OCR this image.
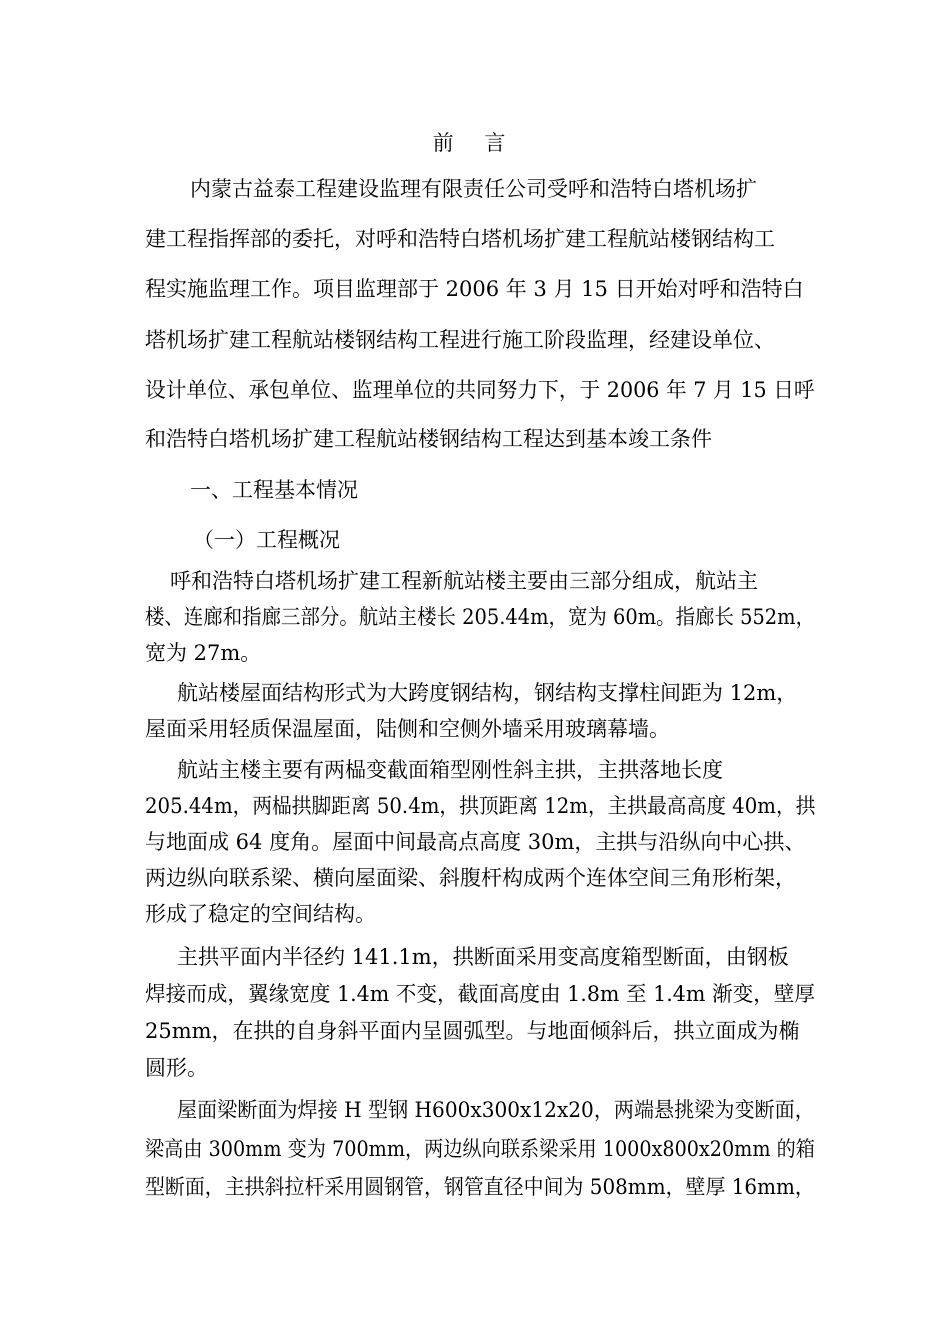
前 言
内蒙古益泰工程建设监理有限责任公司受呼和浩特白塔机场扩
建工程指挥部的委托，对呼和浩特白塔机场扩建工程航站楼钢结构工
程实施监理工作。项目监理部于 2006 年 3 月 15 日开始对呼和浩特白
塔机场扩建工程航站楼钢结构工程进行施工阶段监理，经建设单位、
设计单位、承包单位、监理单位的共同努力下，于 2006 年 7 月 15 日呼
和浩特白塔机场扩建工程航站楼钢结构工程达到基本竣工条件
一、工程基本情况
（一）工程概况
呼和浩特白塔机场扩建工程新航站楼主要由三部分组成，航站主
楼、连廊和指廊三部分。航站主楼长 205.44m，宽为 60m。指廊长 552m，
宽为 27m。
航站楼屋面结构形式为大跨度钢结构，钢结构支撑柱间距为 12m，
屋面采用轻质保温屋面，陆侧和空侧外墙采用玻璃幕墙。
航站主楼主要有两榀变截面箱型刚性斜主拱，主拱落地长度
205.44m，两榀拱脚距离 50.4m，拱顶距离 12m，主拱最高高度 40m，拱
与地面成 64 度角。屋面中间最高点高度 30m，主拱与沿纵向中心拱、
两边纵向联系梁、横向屋面梁、斜腹杆构成两个连体空间三角形桁架，
形成了稳定的空间结构。
主拱平面内半径约 141.1m，拱断面采用变高度箱型断面，由钢板
焊接而成，翼缘宽度 1.4m 不变，截面高度由 1.8m 至 1.4m 渐变，壁厚
25mm，在拱的自身斜平面内呈圆弧型。与地面倾斜后，拱立面成为椭
圆形。
屋面梁断面为焊接 H 型钢 H600x300x12x20，两端悬挑梁为变断面，
梁高由 300mm 变为 700mm，两边纵向联系梁采用 1000x800x20mm 的箱
型断面，主拱斜拉杆采用圆钢管，钢管直径中间为 508mm，壁厚 16mm，
